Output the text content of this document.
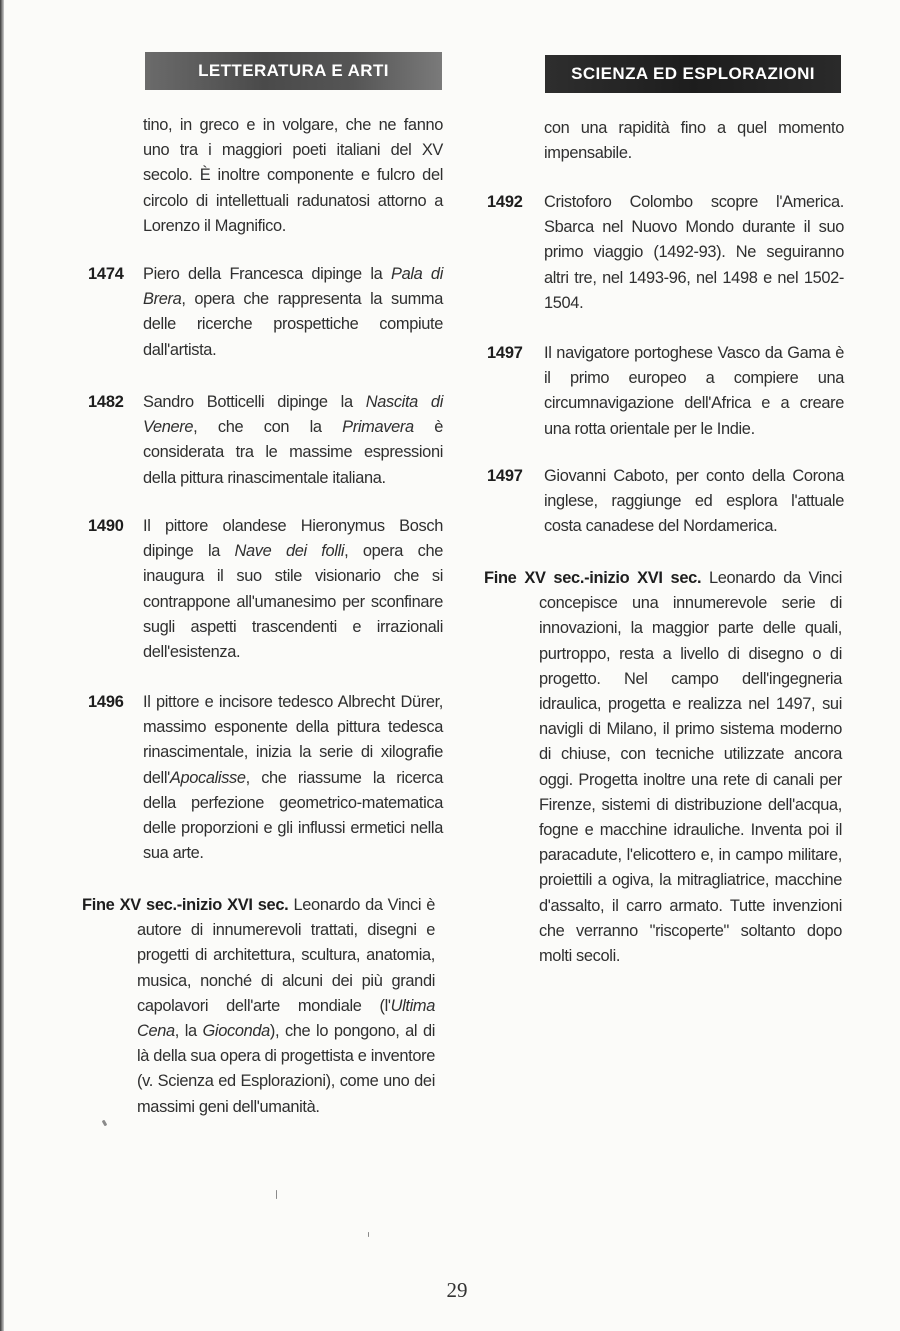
LETTERATURA E ARTI
tino, in greco e in volgare, che ne fanno uno tra i maggiori poeti italiani del XV secolo. È inoltre componente e fulcro del circolo di intellettuali radunatosi attorno a Lorenzo il Magnifico.
1474 Piero della Francesca dipinge la Pala di Brera, opera che rappresenta la summa delle ricerche prospettiche compiute dall'artista.
1482 Sandro Botticelli dipinge la Nascita di Venere, che con la Primavera è considerata tra le massime espressioni della pittura rinascimentale italiana.
1490 Il pittore olandese Hieronymus Bosch dipinge la Nave dei folli, opera che inaugura il suo stile visionario che si contrappone all'umanesimo per sconfinare sugli aspetti trascendenti e irrazionali dell'esistenza.
1496 Il pittore e incisore tedesco Albrecht Dürer, massimo esponente della pittura tedesca rinascimentale, inizia la serie di xilografie dell'Apocalisse, che riassume la ricerca della perfezione geometrico-matematica delle proporzioni e gli influssi ermetici nella sua arte.
Fine XV sec.-inizio XVI sec. Leonardo da Vinci è autore di innumerevoli trattati, disegni e progetti di architettura, scultura, anatomia, musica, nonché di alcuni dei più grandi capolavori dell'arte mondiale (l'Ultima Cena, la Gioconda), che lo pongono, al di là della sua opera di progettista e inventore (v. Scienza ed Esplorazioni), come uno dei massimi geni dell'umanità.
SCIENZA ED ESPLORAZIONI
con una rapidità fino a quel momento impensabile.
1492 Cristoforo Colombo scopre l'America. Sbarca nel Nuovo Mondo durante il suo primo viaggio (1492-93). Ne seguiranno altri tre, nel 1493-96, nel 1498 e nel 1502-1504.
1497 Il navigatore portoghese Vasco da Gama è il primo europeo a compiere una circumnavigazione dell'Africa e a creare una rotta orientale per le Indie.
1497 Giovanni Caboto, per conto della Corona inglese, raggiunge ed esplora l'attuale costa canadese del Nordamerica.
Fine XV sec.-inizio XVI sec. Leonardo da Vinci concepisce una innumerevole serie di innovazioni, la maggior parte delle quali, purtroppo, resta a livello di disegno o di progetto. Nel campo dell'ingegneria idraulica, progetta e realizza nel 1497, sui navigli di Milano, il primo sistema moderno di chiuse, con tecniche utilizzate ancora oggi. Progetta inoltre una rete di canali per Firenze, sistemi di distribuzione dell'acqua, fogne e macchine idrauliche. Inventa poi il paracadute, l'elicottero e, in campo militare, proiettili a ogiva, la mitragliatrice, macchine d'assalto, il carro armato. Tutte invenzioni che verranno "riscoperte" soltanto dopo molti secoli.
29
